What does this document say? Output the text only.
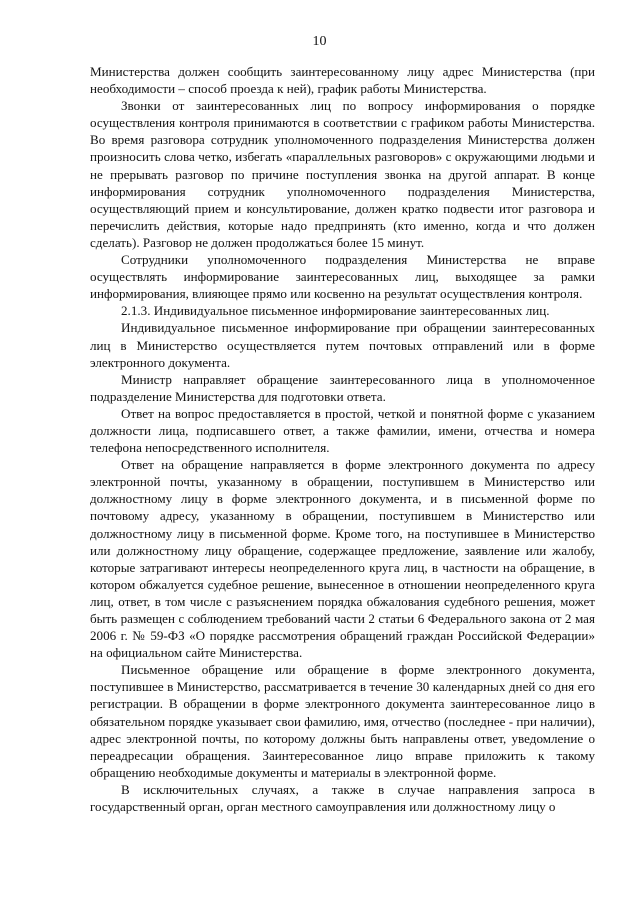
10

Министерства должен сообщить заинтересованному лицу адрес Министерства (при необходимости – способ проезда к ней), график работы Министерства.

Звонки от заинтересованных лиц по вопросу информирования о порядке осуществления контроля принимаются в соответствии с графиком работы Министерства. Во время разговора сотрудник уполномоченного подразделения Министерства должен произносить слова четко, избегать «параллельных разговоров» с окружающими людьми и не прерывать разговор по причине поступления звонка на другой аппарат. В конце информирования сотрудник уполномоченного подразделения Министерства, осуществляющий прием и консультирование, должен кратко подвести итог разговора и перечислить действия, которые надо предпринять (кто именно, когда и что должен сделать). Разговор не должен продолжаться более 15 минут.

Сотрудники уполномоченного подразделения Министерства не вправе осуществлять информирование заинтересованных лиц, выходящее за рамки информирования, влияющее прямо или косвенно на результат осуществления контроля.

2.1.3. Индивидуальное письменное информирование заинтересованных лиц.

Индивидуальное письменное информирование при обращении заинтересованных лиц в Министерство осуществляется путем почтовых отправлений или в форме электронного документа.

Министр направляет обращение заинтересованного лица в уполномоченное подразделение Министерства для подготовки ответа.

Ответ на вопрос предоставляется в простой, четкой и понятной форме с указанием должности лица, подписавшего ответ, а также фамилии, имени, отчества и номера телефона непосредственного исполнителя.

Ответ на обращение направляется в форме электронного документа по адресу электронной почты, указанному в обращении, поступившем в Министерство или должностному лицу в форме электронного документа, и в письменной форме по почтовому адресу, указанному в обращении, поступившем в Министерство или должностному лицу в письменной форме. Кроме того, на поступившее в Министерство или должностному лицу обращение, содержащее предложение, заявление или жалобу, которые затрагивают интересы неопределенного круга лиц, в частности на обращение, в котором обжалуется судебное решение, вынесенное в отношении неопределенного круга лиц, ответ, в том числе с разъяснением порядка обжалования судебного решения, может быть размещен с соблюдением требований части 2 статьи 6 Федерального закона от 2 мая 2006 г. № 59-ФЗ «О порядке рассмотрения обращений граждан Российской Федерации» на официальном сайте Министерства.

Письменное обращение или обращение в форме электронного документа, поступившее в Министерство, рассматривается в течение 30 календарных дней со дня его регистрации. В обращении в форме электронного документа заинтересованное лицо в обязательном порядке указывает свои фамилию, имя, отчество (последнее - при наличии), адрес электронной почты, по которому должны быть направлены ответ, уведомление о переадресации обращения. Заинтересованное лицо вправе приложить к такому обращению необходимые документы и материалы в электронной форме.

В исключительных случаях, а также в случае направления запроса в государственный орган, орган местного самоуправления или должностному лицу о
